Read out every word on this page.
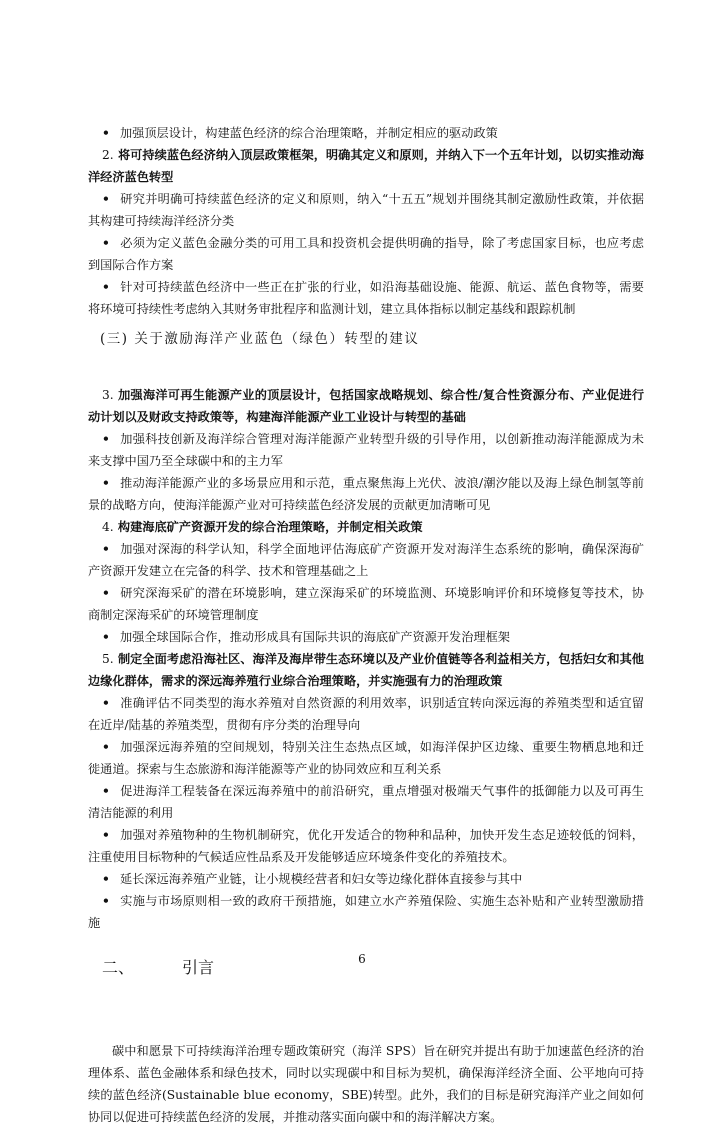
• 加强顶层设计，构建蓝色经济的综合治理策略，并制定相应的驱动政策

2. 将可持续蓝色经济纳入顶层政策框架，明确其定义和原则，并纳入下一个五年计划，以切实推动海洋经济蓝色转型

• 研究并明确可持续蓝色经济的定义和原则，纳入“十五五”规划并围绕其制定激励性政策，并依据其构建可持续海洋经济分类

• 必须为定义蓝色金融分类的可用工具和投资机会提供明确的指导，除了考虑国家目标，也应考虑到国际合作方案

• 针对可持续蓝色经济中一些正在扩张的行业，如沿海基础设施、能源、航运、蓝色食物等，需要将环境可持续性考虑纳入其财务审批程序和监测计划，建立具体指标以制定基线和跟踪机制

(三) 关于激励海洋产业蓝色（绿色）转型的建议

3. 加强海洋可再生能源产业的顶层设计，包括国家战略规划、综合性/复合性资源分布、产业促进行动计划以及财政支持政策等，构建海洋能源产业工业设计与转型的基础

• 加强科技创新及海洋综合管理对海洋能源产业转型升级的引导作用，以创新推动海洋能源成为未来支撑中国乃至全球碳中和的主力军

• 推动海洋能源产业的多场景应用和示范，重点聚焦海上光伏、波浪/潮汐能以及海上绿色制氢等前景的战略方向，使海洋能源产业对可持续蓝色经济发展的贡献更加清晰可见

4. 构建海底矿产资源开发的综合治理策略，并制定相关政策

• 加强对深海的科学认知，科学全面地评估海底矿产资源开发对海洋生态系统的影响，确保深海矿产资源开发建立在完备的科学、技术和管理基础之上

• 研究深海采矿的潜在环境影响，建立深海采矿的环境监测、环境影响评价和环境修复等技术，协商制定深海采矿的环境管理制度

• 加强全球国际合作，推动形成具有国际共识的海底矿产资源开发治理框架

5. 制定全面考虑沿海社区、海洋及海岸带生态环境以及产业价值链等各利益相关方，包括妇女和其他边缘化群体，需求的深远海养殖行业综合治理策略，并实施强有力的治理政策

• 准确评估不同类型的海水养殖对自然资源的利用效率，识别适宜转向深远海的养殖类型和适宜留在近岸/陆基的养殖类型，贯彻有序分类的治理导向

• 加强深远海养殖的空间规划，特别关注生态热点区域，如海洋保护区边缘、重要生物栖息地和迁徙通道。探索与生态旅游和海洋能源等产业的协同效应和互利关系

• 促进海洋工程装备在深远海养殖中的前沿研究，重点增强对极端天气事件的抵御能力以及可再生清洁能源的利用

• 加强对养殖物种的生物机制研究，优化开发适合的物种和品种，加快开发生态足迹较低的饲料，注重使用目标物种的气候适应性品系及开发能够适应环境条件变化的养殖技术。

• 延长深远海养殖产业链，让小规模经营者和妇女等边缘化群体直接参与其中

• 实施与市场原则相一致的政府干预措施，如建立水产养殖保险、实施生态补贴和产业转型激励措施

二、	引言

碳中和愿景下可持续海洋治理专题政策研究（海洋 SPS）旨在研究并提出有助于加速蓝色经济的治理体系、蓝色金融体系和绿色技术，同时以实现碳中和目标为契机，确保海洋经济全面、公平地向可持续的蓝色经济(Sustainable blue economy，SBE)转型。此外，我们的目标是研究海洋产业之间如何协同以促进可持续蓝色经济的发展，并推动落实面向碳中和的海洋解决方案。

6
